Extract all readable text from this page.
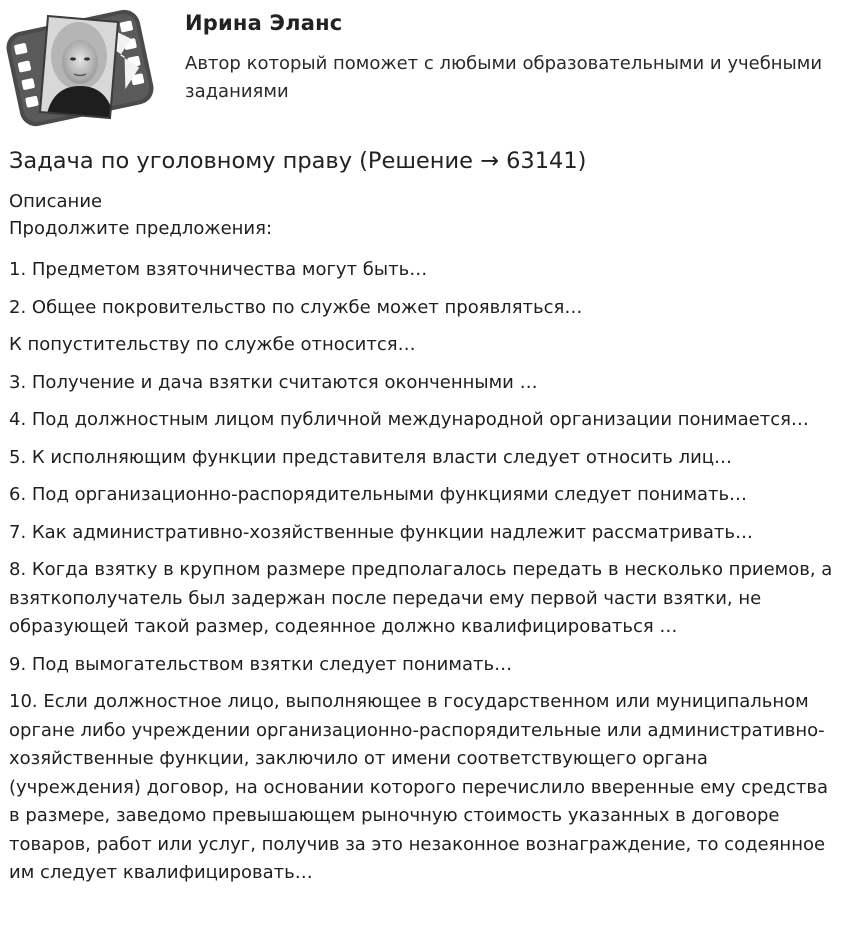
Ирина Эланс
Автор который поможет с любыми образовательными и учебными заданиями
Задача по уголовному праву (Решение → 63141)

Описание

Продолжите предложения:

1. Предметом взяточничества могут быть…

2. Общее покровительство по службе может проявляться…

К попустительству по службе относится…

3. Получение и дача взятки считаются оконченными …

4. Под должностным лицом публичной международной организации понимается…

5. К исполняющим функции представителя власти следует относить лиц…

6. Под организационно-распорядительными функциями следует понимать…

7. Как административно-хозяйственные функции надлежит рассматривать…

8. Когда взятку в крупном размере предполагалось передать в несколько приемов, а взяткополучатель был задержан после передачи ему первой части взятки, не образующей такой размер, содеянное должно квалифицироваться …

9. Под вымогательством взятки следует понимать…

10. Если должностное лицо, выполняющее в государственном или муниципальном органе либо учреждении организационно-распорядительные или административно-хозяйственные функции, заключило от имени соответствующего органа (учреждения) договор, на основании которого перечислило вверенные ему средства в размере, заведомо превышающем рыночную стоимость указанных в договоре товаров, работ или услуг, получив за это незаконное вознаграждение, то содеянное им следует квалифицировать…
